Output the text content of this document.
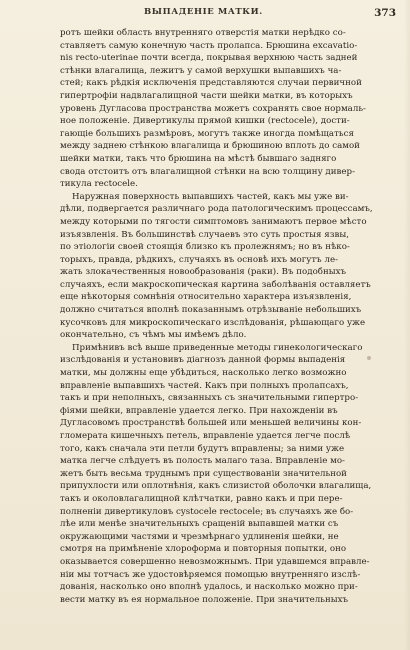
ВЫПАДЕНІЕ МАТКИ.	373
ротъ шейки область внутренняго отверстія матки нерѣдко со-
ставляетъ самую конечную часть пролапса. Брюшина excavatio-
nis recto-uterinae почти всегда, покрывая верхнюю часть задней
стѣнки влагалища, лежитъ у самой верхушки выпавшихъ ча-
стей; какъ рѣдкія исключенія представляются случаи первичной
гипертрофіи надвлагалищной части шейки матки, въ которыхъ
уровень Дугласова пространства можетъ сохранять свое нормаль-
ное положеніе. Дивертикулы прямой кишки (rectocele), дости-
гающіе большихъ размѣровъ, могутъ также иногда помѣщаться
между заднею стѣнкою влагалища и брюшиною вплоть до самой
шейки матки, такъ что брюшина на мѣстѣ бывшаго задняго
свода отстоитъ отъ влагалищной стѣнки на всю толщину дивер-
тикула rectocele.
Наружная поверхность выпавшихъ частей, какъ мы уже ви-
дѣли, подвергается различнаго рода патологическимъ процессамъ,
между которыми по тягости симптомовъ занимаютъ первое мѣсто
изъязвленія. Въ большинствѣ случаевъ это суть простыя язвы,
по этіологіи своей стоящія близко къ пролежнямъ; но въ нѣко-
торыхъ, правда, рѣдкихъ, случаяхъ въ основѣ ихъ могутъ ле-
жать злокачественныя новообразованія (раки). Въ подобныхъ
случаяхъ, если макроскопическая картина заболѣванія оставляетъ
еще нѣкоторыя сомнѣнія относительно характера изъязвленія,
должно считаться вполнѣ показаннымъ отрѣзываніе небольшихъ
кусочковъ для микроскопическаго изслѣдованія, рѣшающаго уже
окончательно, съ чѣмъ мы имѣемъ дѣло.
Примѣнивъ всѣ выше приведенные методы гинекологическаго
изслѣдованія и установивъ діагнозъ данной формы выпаденія
матки, мы должны еще убѣдиться, насколько легко возможно
вправленіе выпавшихъ частей. Какъ при полныхъ пролапсахъ,
такъ и при неполныхъ, связанныхъ съ значительными гипертро-
фіями шейки, вправленіе удается легко. При нахожденіи въ
Дугласовомъ пространствѣ большей или меньшей величины кон-
гломерата кишечныхъ петель, вправленіе удается легче послѣ
того, какъ сначала эти петли будутъ вправлены; за ними уже
матка легче слѣдуетъ въ полость малаго таза. Вправленіе мо-
жетъ быть весьма труднымъ при существованіи значительной
припухлости или оплотнѣнія, какъ слизистой оболочки влагалища,
такъ и околовлагалищной клѣтчатки, равно какъ и при пере-
полненіи дивертикуловъ cystocele rectocele; въ случаяхъ же бо-
лѣе или менѣе значительныхъ сращеній выпавшей матки съ
окружающими частями и чрезмѣрнаго удлиненія шейки, не
смотря на примѣненіе хлороформа и повторныя попытки, оно
оказывается совершенно невозможнымъ. При удавшемся вправле-
ніи мы тотчасъ же удостовѣряемся помощью внутренняго изслѣ-
дованія, насколько оно вполнѣ удалось, и насколько можно при-
вести матку въ ея нормальное положеніе. При значительныхъ
